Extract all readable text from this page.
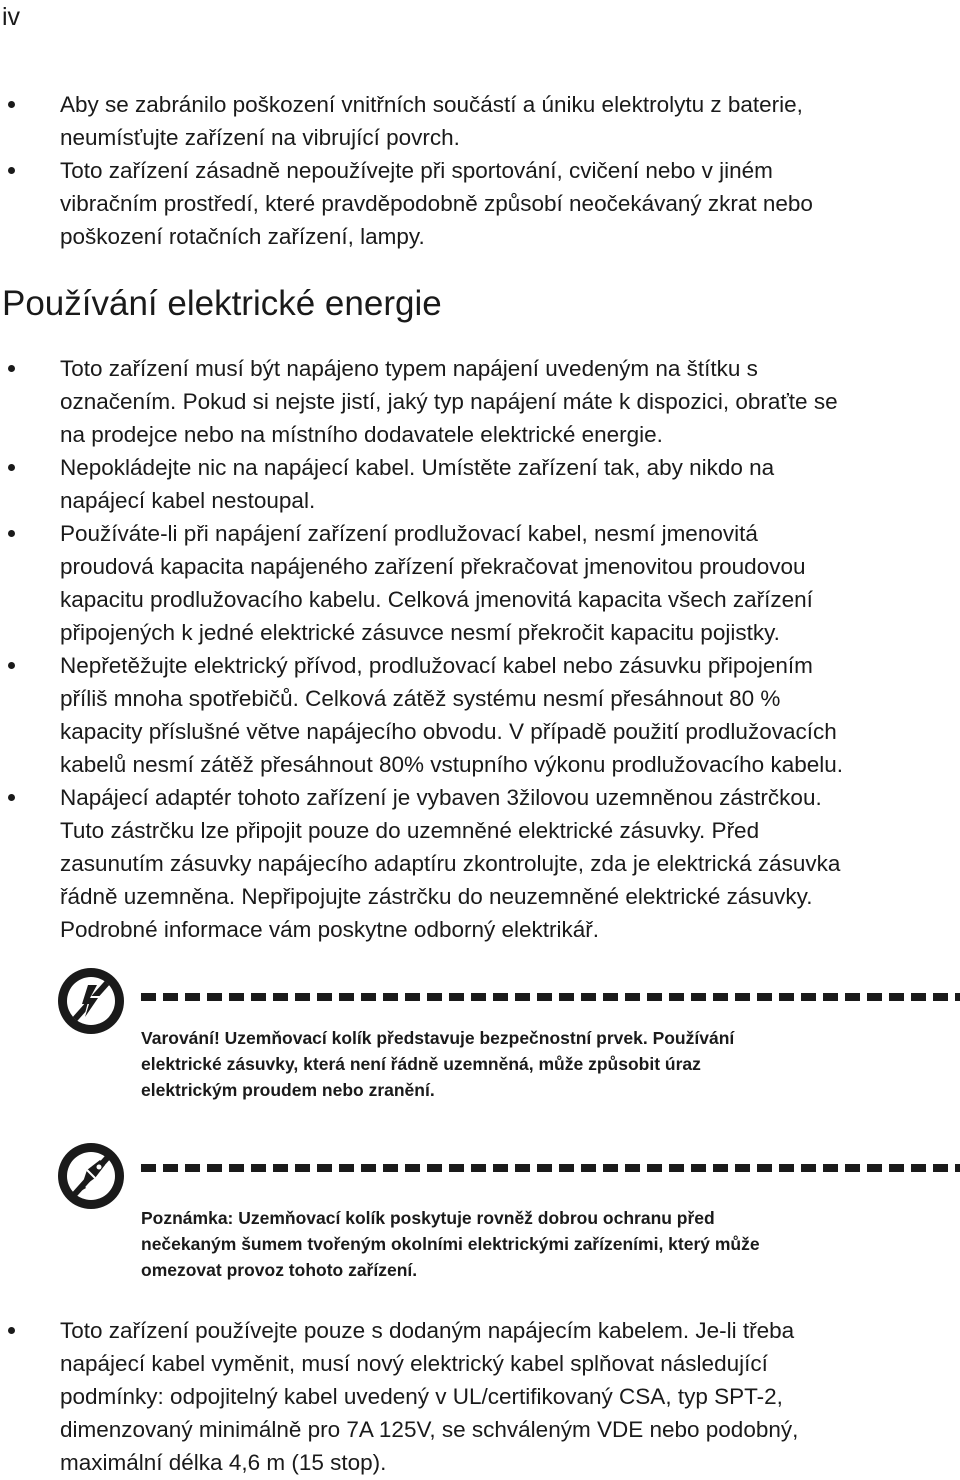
iv
Aby se zabránilo poškození vnitřních součástí a úniku elektrolytu z baterie,
neumísťujte zařízení na vibrující povrch.
Toto zařízení zásadně nepoužívejte při sportování, cvičení nebo v jiném
vibračním prostředí, které pravděpodobně způsobí neočekávaný zkrat nebo
poškození rotačních zařízení, lampy.
Používání elektrické energie
Toto zařízení musí být napájeno typem napájení uvedeným na štítku s
označením. Pokud si nejste jistí, jaký typ napájení máte k dispozici, obraťte se
na prodejce nebo na místního dodavatele elektrické energie.
Nepokládejte nic na napájecí kabel. Umístěte zařízení tak, aby nikdo na
napájecí kabel nestoupal.
Používáte-li při napájení zařízení prodlužovací kabel, nesmí jmenovitá
proudová kapacita napájeného zařízení překračovat jmenovitou proudovou
kapacitu prodlužovacího kabelu. Celková jmenovitá kapacita všech zařízení
připojených k jedné elektrické zásuvce nesmí překročit kapacitu pojistky.
Nepřetěžujte elektrický přívod, prodlužovací kabel nebo zásuvku připojením
příliš mnoha spotřebičů. Celková zátěž systému nesmí přesáhnout 80 %
kapacity příslušné větve napájecího obvodu. V případě použití prodlužovacích
kabelů nesmí zátěž přesáhnout 80% vstupního výkonu prodlužovacího kabelu.
Napájecí adaptér tohoto zařízení je vybaven 3žilovou uzemněnou zástrčkou.
Tuto zástrčku lze připojit pouze do uzemněné elektrické zásuvky. Před
zasunutím zásuvky napájecího adaptíru zkontrolujte, zda je elektrická zásuvka
řádně uzemněna. Nepřipojujte zástrčku do neuzemněné elektrické zásuvky.
Podrobné informace vám poskytne odborný elektrikář.
Varování! Uzemňovací kolík představuje bezpečnostní prvek. Používání
elektrické zásuvky, která není řádně uzemněná, může způsobit úraz
elektrickým proudem nebo zranění.
Poznámka: Uzemňovací kolík poskytuje rovněž dobrou ochranu před
nečekaným šumem tvořeným okolními elektrickými zařízeními, který může
omezovat provoz tohoto zařízení.
Toto zařízení používejte pouze s dodaným napájecím kabelem. Je-li třeba
napájecí kabel vyměnit, musí nový elektrický kabel splňovat následující
podmínky: odpojitelný kabel uvedený v UL/certifikovaný CSA, typ SPT-2,
dimenzovaný minimálně pro 7A 125V, se schváleným VDE nebo podobný,
maximální délka 4,6 m (15 stop).
